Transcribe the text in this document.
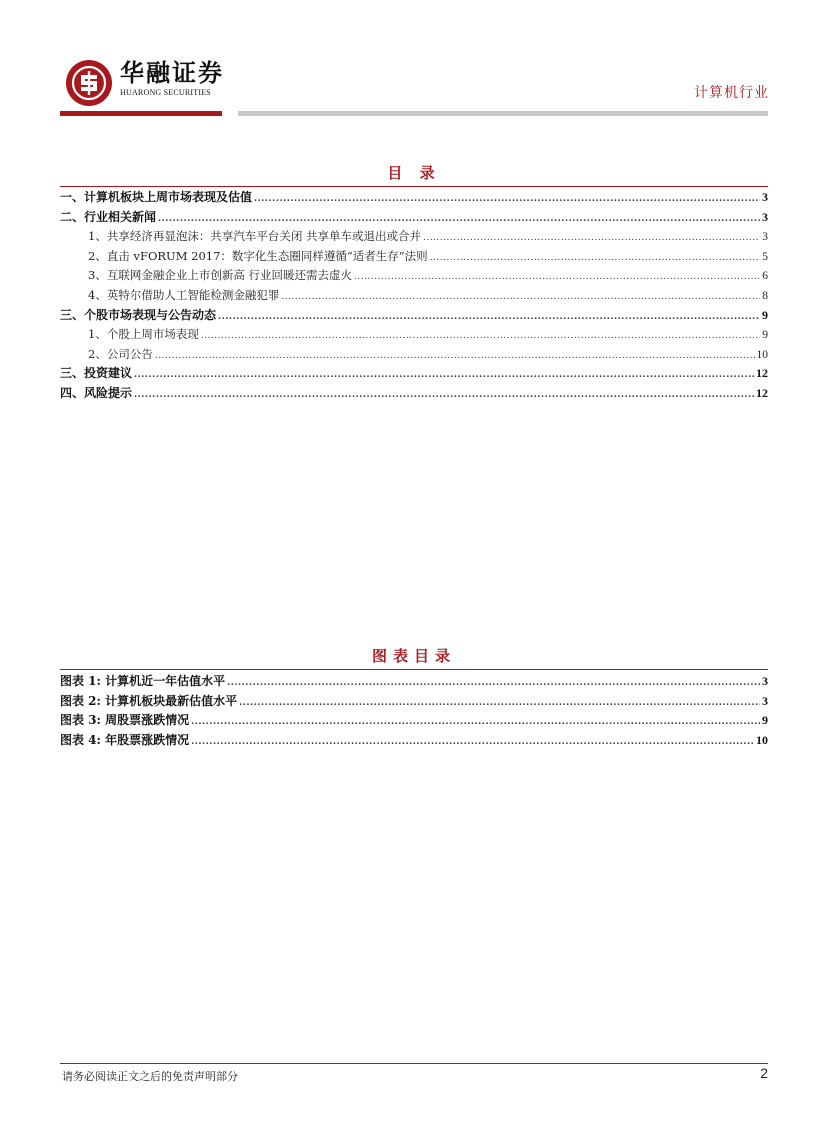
华融证券
HUARONG SECURITIES	计算机行业
目 录
一、计算机板块上周市场表现及估值 .....	3
二、行业相关新闻 .....	3
1、共享经济再显泡沫：共享汽车平台关闭 共享单车或退出或合并 .....	3
2、直击 vFORUM 2017：数字化生态圈同样遵循“适者生存”法则 .....	5
3、互联网金融企业上市创新高 行业回暖还需去虚火 .....	6
4、英特尔借助人工智能检测金融犯罪 .....	8
三、个股市场表现与公告动态 .....	9
1、个股上周市场表现 .....	9
2、公司公告 .....	10
三、投资建议 .....	12
四、风险提示 .....	12
图表目录
图表 1: 计算机近一年估值水平 .....	3
图表 2: 计算机板块最新估值水平 .....	3
图表 3: 周股票涨跌情况 .....	9
图表 4: 年股票涨跌情况 .....	10
请务必阅读正文之后的免责声明部分	2
